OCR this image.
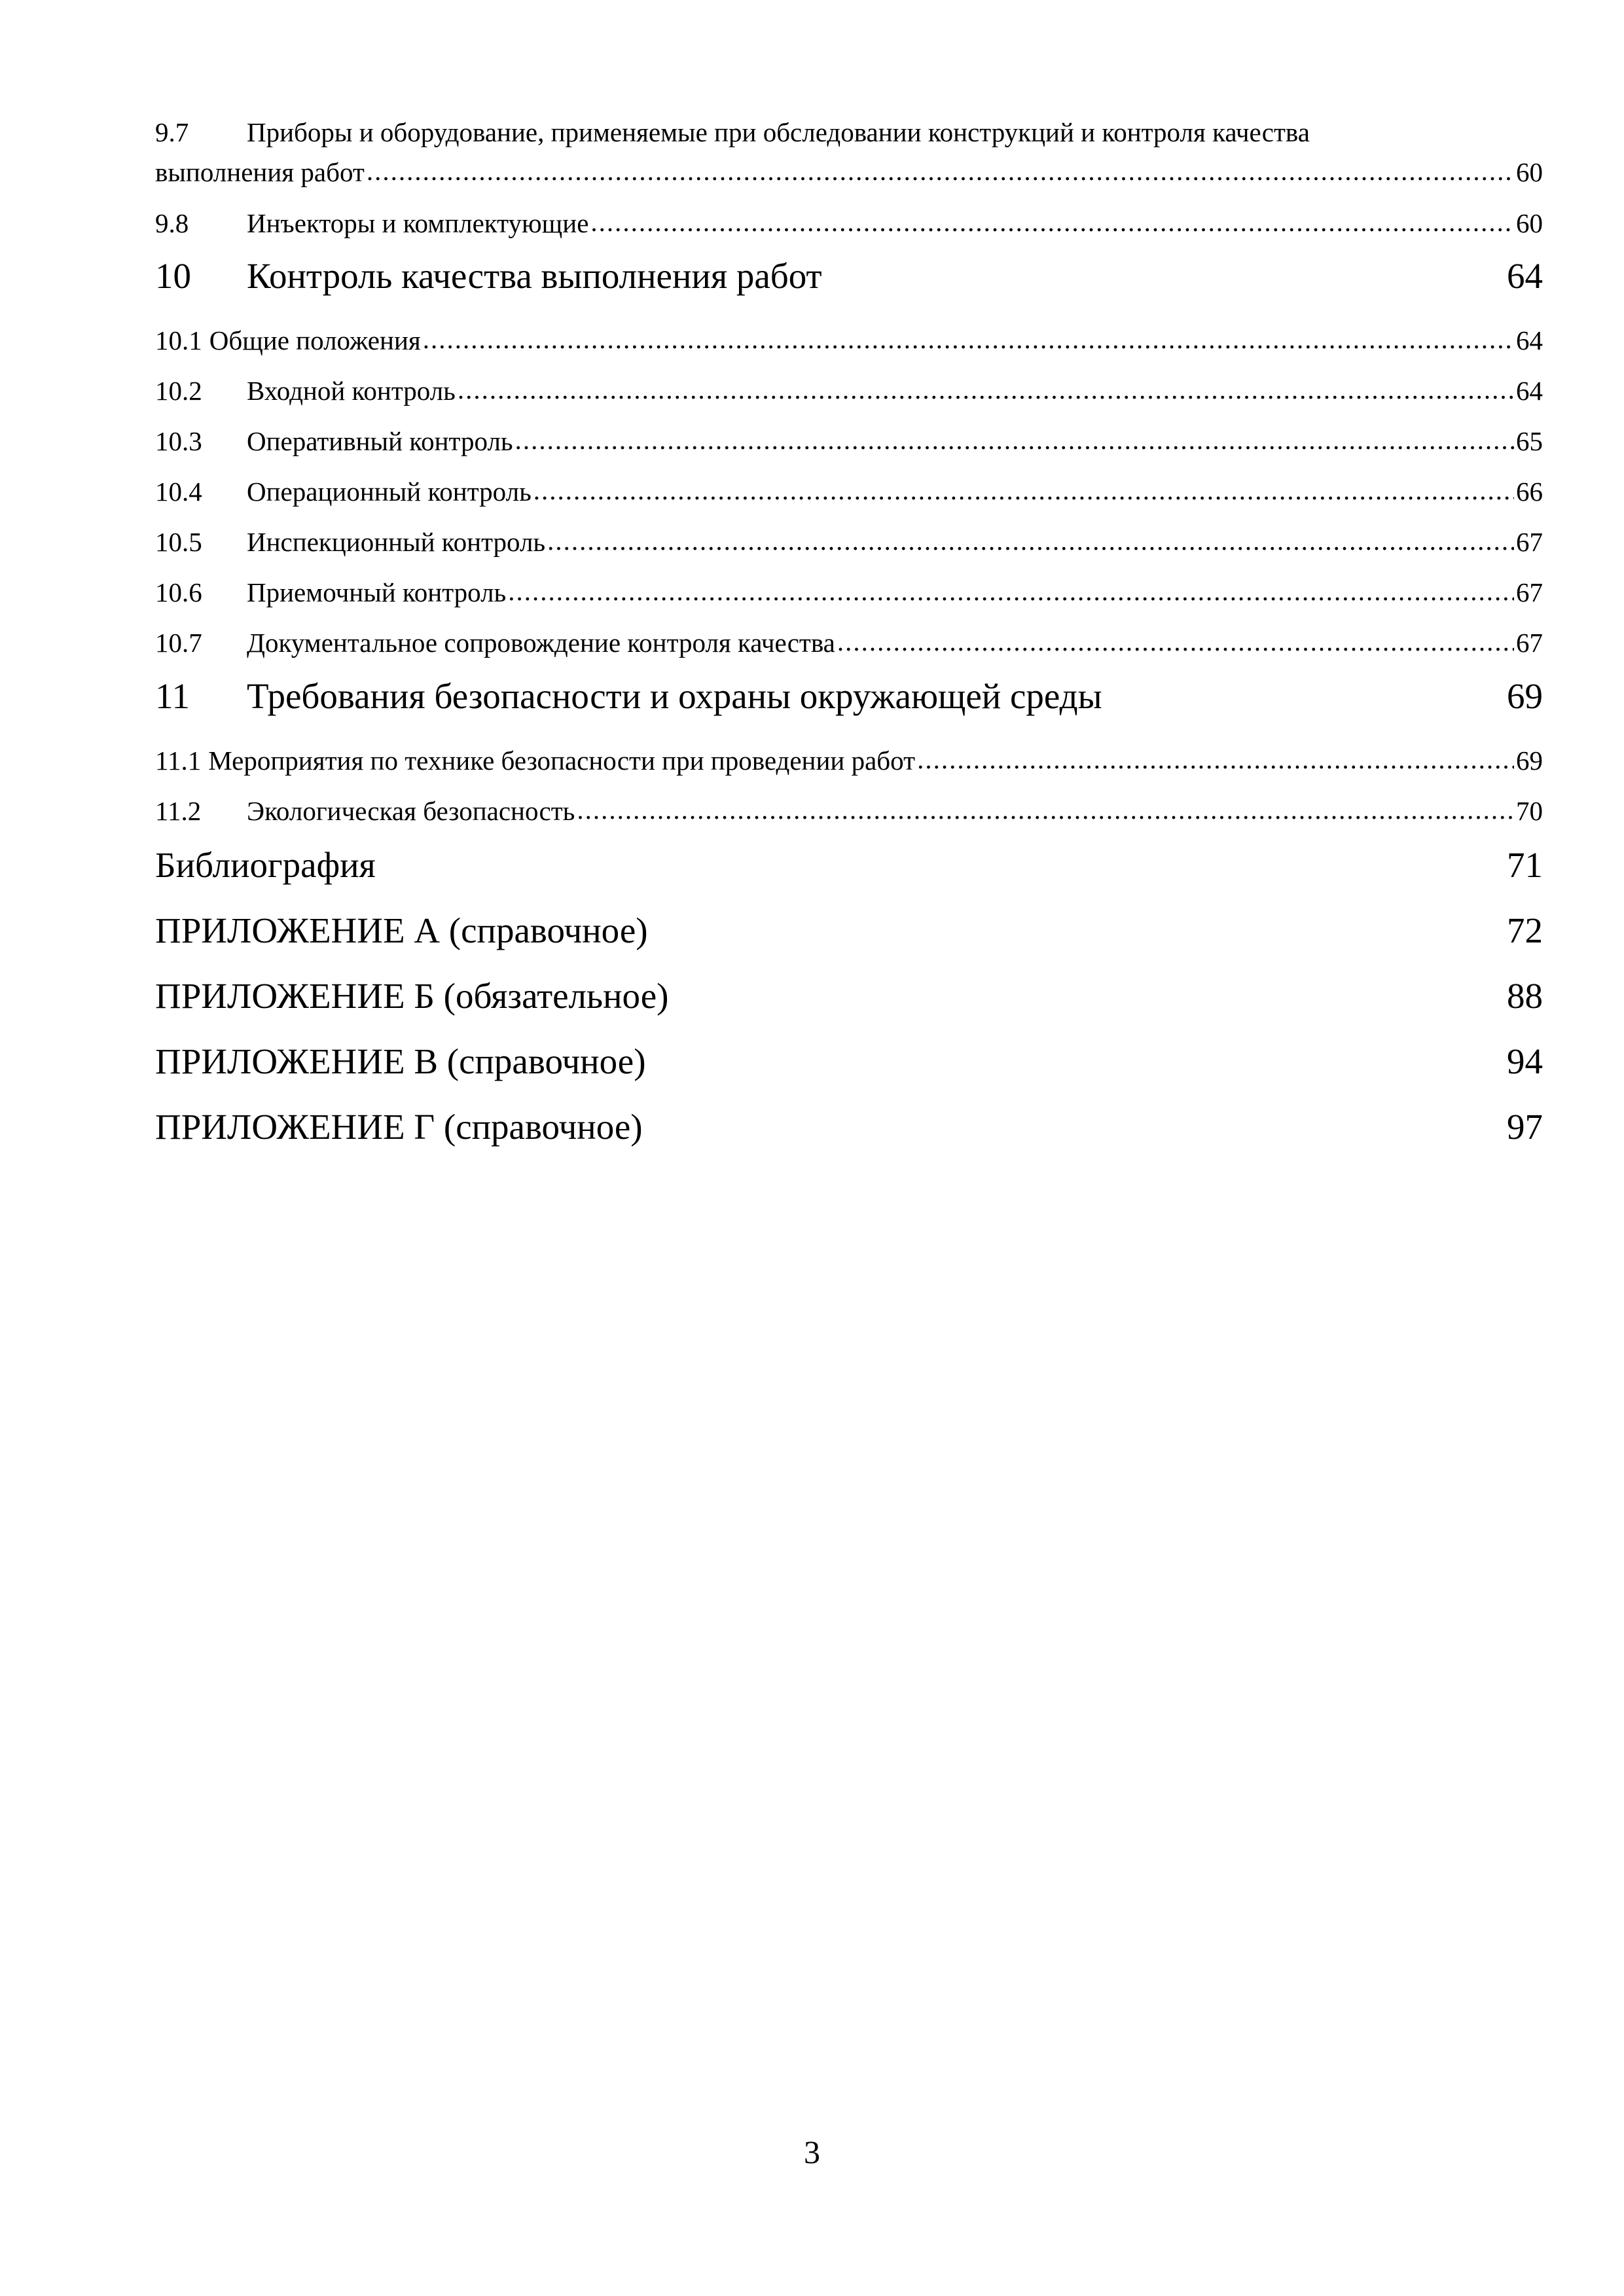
9.7	Приборы и оборудование, применяемые при обследовании конструкций и контроля качества
выполнения работ .....	60
9.8	Инъекторы и комплектующие .....	60
10	Контроль качества выполнения работ	64
10.1 Общие положения .....	64
10.2	Входной контроль .....	64
10.3	Оперативный контроль .....	65
10.4	Операционный контроль .....	66
10.5	Инспекционный контроль .....	67
10.6	Приемочный контроль .....	67
10.7	Документальное сопровождение контроля качества .....	67
11	Требования безопасности и охраны окружающей среды	69
11.1 Мероприятия по технике безопасности при проведении работ .....	69
11.2	Экологическая безопасность .....	70
Библиография	71
ПРИЛОЖЕНИЕ А (справочное)	72
ПРИЛОЖЕНИЕ Б (обязательное)	88
ПРИЛОЖЕНИЕ В (справочное)	94
ПРИЛОЖЕНИЕ Г (справочное)	97
3
